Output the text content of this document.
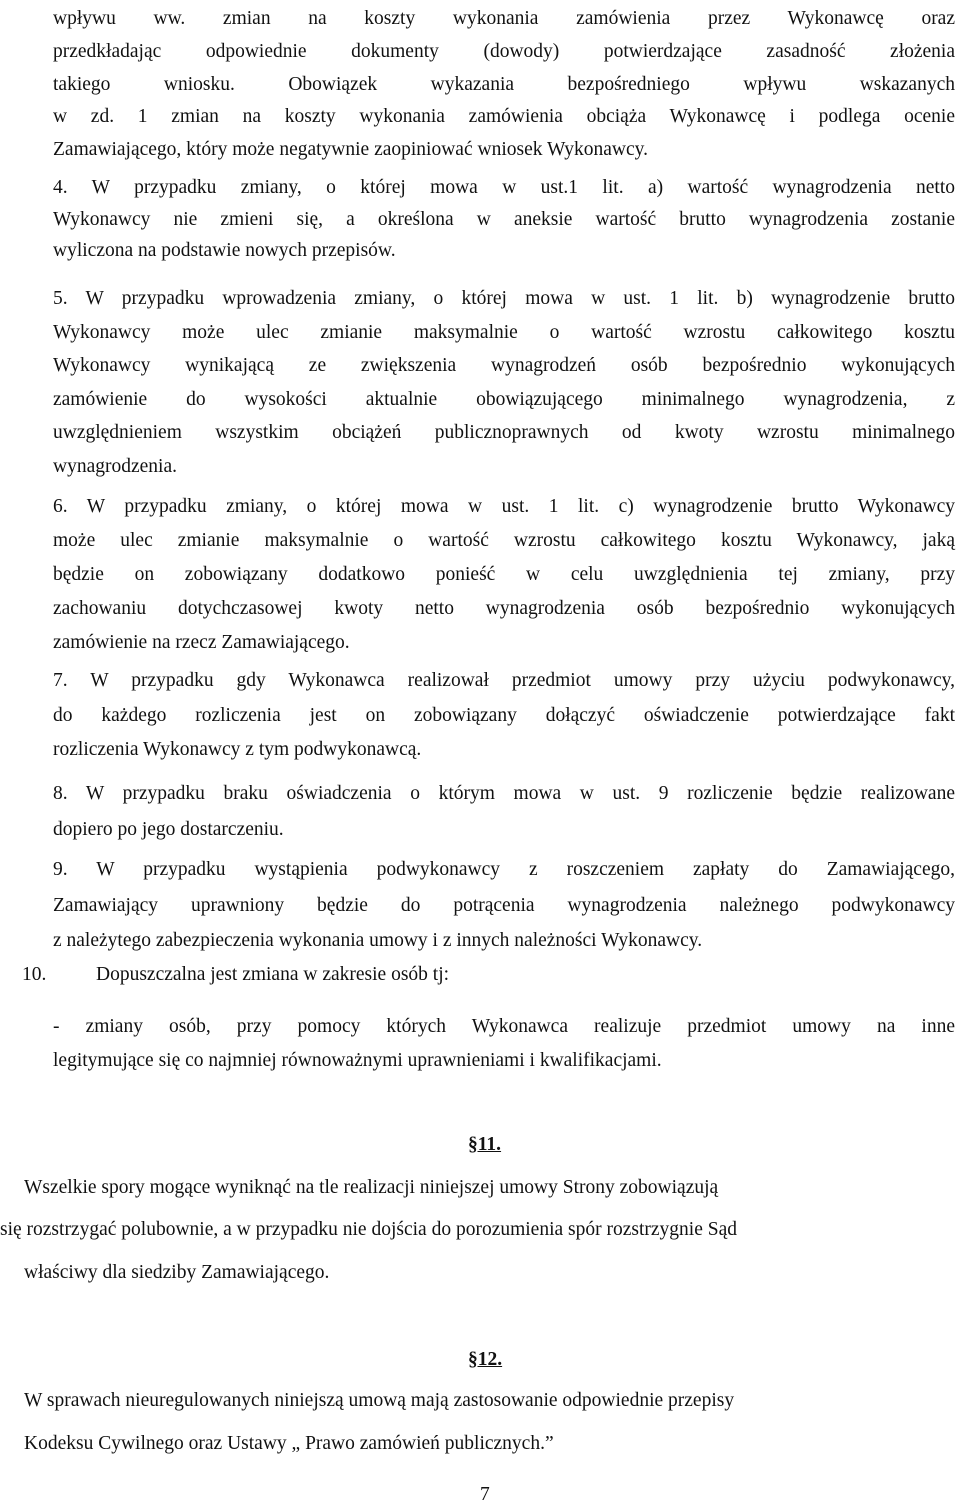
wpływu ww. zmian na koszty wykonania zamówienia przez Wykonawcę oraz
przedkładając odpowiednie dokumenty (dowody) potwierdzające zasadność złożenia
takiego wniosku. Obowiązek wykazania bezpośredniego wpływu wskazanych
w zd. 1 zmian na koszty wykonania zamówienia obciąża Wykonawcę i podlega ocenie
Zamawiającego, który może negatywnie zaopiniować wniosek Wykonawcy.
4. W przypadku zmiany, o której mowa w ust.1 lit. a) wartość wynagrodzenia netto
Wykonawcy nie zmieni się, a określona w aneksie wartość brutto wynagrodzenia zostanie
wyliczona na podstawie nowych przepisów.
5. W przypadku wprowadzenia zmiany, o której mowa w ust. 1 lit. b) wynagrodzenie brutto
Wykonawcy może ulec zmianie maksymalnie o wartość wzrostu całkowitego kosztu
Wykonawcy wynikającą ze zwiększenia wynagrodzeń osób bezpośrednio wykonujących
zamówienie do wysokości aktualnie obowiązującego minimalnego wynagrodzenia, z
uwzględnieniem wszystkim obciążeń publicznoprawnych od kwoty wzrostu minimalnego
wynagrodzenia.
6. W przypadku zmiany, o której mowa w ust. 1 lit. c) wynagrodzenie brutto Wykonawcy
może ulec zmianie maksymalnie o wartość wzrostu całkowitego kosztu Wykonawcy, jaką
będzie on zobowiązany dodatkowo ponieść w celu uwzględnienia tej zmiany, przy
zachowaniu dotychczasowej kwoty netto wynagrodzenia osób bezpośrednio wykonujących
zamówienie na rzecz Zamawiającego.
7. W przypadku gdy Wykonawca realizował przedmiot umowy przy użyciu podwykonawcy,
do każdego rozliczenia jest on zobowiązany dołączyć oświadczenie potwierdzające fakt
rozliczenia Wykonawcy z tym podwykonawcą.
8. W przypadku braku oświadczenia o którym mowa w ust. 9 rozliczenie będzie realizowane
dopiero po jego dostarczeniu.
9. W przypadku wystąpienia podwykonawcy z roszczeniem zapłaty do Zamawiającego,
Zamawiający uprawniony będzie do potrącenia wynagrodzenia należnego podwykonawcy
z należytego zabezpieczenia wykonania umowy i z innych należności Wykonawcy.
10.	Dopuszczalna jest zmiana w zakresie osób tj:
- zmiany osób, przy pomocy których Wykonawca realizuje przedmiot umowy na inne
legitymujące się co najmniej równoważnymi uprawnieniami i kwalifikacjami.
§11.
Wszelkie spory mogące wyniknąć na tle realizacji niniejszej umowy Strony zobowiązują
się rozstrzygać polubownie, a w przypadku nie dojścia do porozumienia spór rozstrzygnie Sąd
właściwy dla siedziby Zamawiającego.
§12.
W sprawach nieuregulowanych niniejszą umową mają zastosowanie odpowiednie przepisy
Kodeksu Cywilnego oraz Ustawy „ Prawo zamówień publicznych.”
7
